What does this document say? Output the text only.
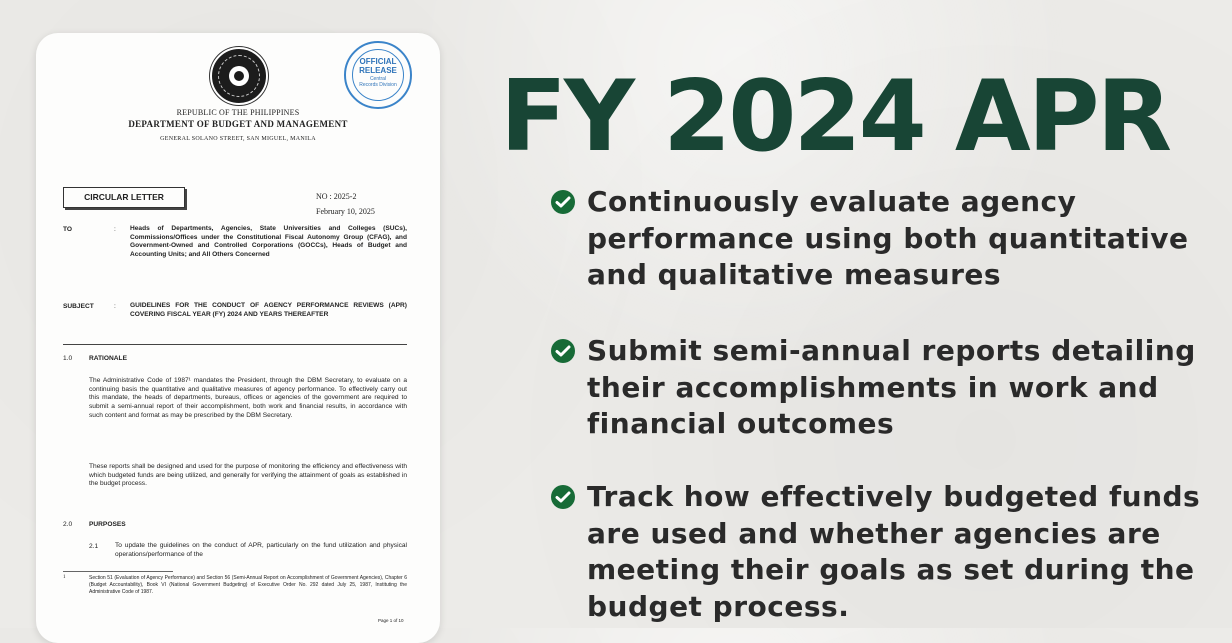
OFFICIAL
RELEASE
Central
Records Division
REPUBLIC OF THE PHILIPPINES
DEPARTMENT OF BUDGET AND MANAGEMENT
GENERAL SOLANO STREET, SAN MIGUEL, MANILA
CIRCULAR LETTER	NO : 2025-2
February 10, 2025
TO	: Heads of Departments, Agencies, State Universities and Colleges (SUCs), Commissions/Offices under the Constitutional Fiscal Autonomy Group (CFAG), and Government-Owned and Controlled Corporations (GOCCs), Heads of Budget and Accounting Units; and All Others Concerned
SUBJECT	: GUIDELINES FOR THE CONDUCT OF AGENCY PERFORMANCE REVIEWS (APR) COVERING FISCAL YEAR (FY) 2024 AND YEARS THEREAFTER
1.0	RATIONALE
The Administrative Code of 1987¹ mandates the President, through the DBM Secretary, to evaluate on a continuing basis the quantitative and qualitative measures of agency performance. To effectively carry out this mandate, the heads of departments, bureaus, offices or agencies of the government are required to submit a semi-annual report of their accomplishment, both work and financial results, in accordance with such content and format as may be prescribed by the DBM Secretary.
These reports shall be designed and used for the purpose of monitoring the efficiency and effectiveness with which budgeted funds are being utilized, and generally for verifying the attainment of goals as established in the budget process.
2.0	PURPOSES
2.1	To update the guidelines on the conduct of APR, particularly on the fund utilization and physical operations/performance of the
1	Section 51 (Evaluation of Agency Performance) and Section 56 (Semi-Annual Report on Accomplishment of Government Agencies), Chapter 6 (Budget Accountability), Book VI (National Government Budgeting) of Executive Order No. 292 dated July 25, 1987, Instituting the Administrative Code of 1987.
Page 1 of 10
FY 2024 APR

Continuously evaluate agency performance using both quantitative and qualitative measures

Submit semi-annual reports detailing their accomplishments in work and financial outcomes

Track how effectively budgeted funds are used and whether agencies are meeting their goals as set during the budget process.
